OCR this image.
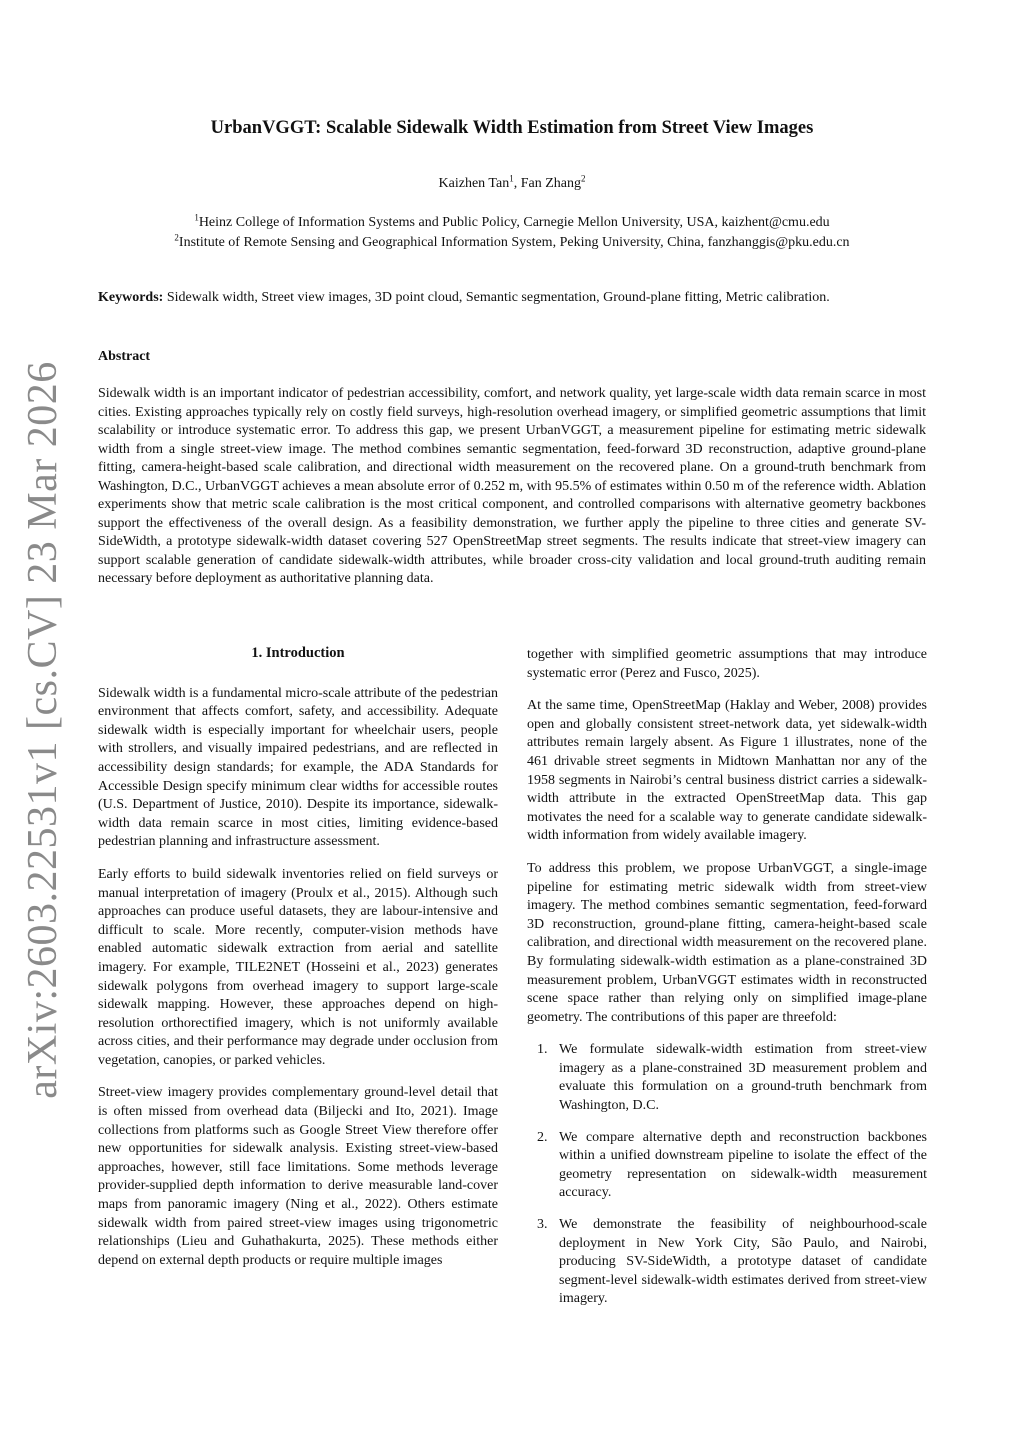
arXiv:2603.22531v1 [cs.CV] 23 Mar 2026
UrbanVGGT: Scalable Sidewalk Width Estimation from Street View Images
Kaizhen Tan$^1$, Fan Zhang$^2$
$^1$Heinz College of Information Systems and Public Policy, Carnegie Mellon University, USA, kaizhent@cmu.edu
$^2$Institute of Remote Sensing and Geographical Information System, Peking University, China, fanzhanggis@pku.edu.cn
Keywords: Sidewalk width, Street view images, 3D point cloud, Semantic segmentation, Ground-plane fitting, Metric calibration.
Abstract

Sidewalk width is an important indicator of pedestrian accessibility, comfort, and network quality, yet large-scale width data remain scarce in most cities. Existing approaches typically rely on costly field surveys, high-resolution overhead imagery, or simplified geometric assumptions that limit scalability or introduce systematic error. To address this gap, we present UrbanVGGT, a measurement pipeline for estimating metric sidewalk width from a single street-view image. The method combines semantic segmentation, feed-forward 3D reconstruction, adaptive ground-plane fitting, camera-height-based scale calibration, and directional width measurement on the recovered plane. On a ground-truth benchmark from Washington, D.C., UrbanVGGT achieves a mean absolute error of 0.252 m, with 95.5% of estimates within 0.50 m of the reference width. Ablation experiments show that metric scale calibration is the most critical component, and controlled comparisons with alternative geometry backbones support the effectiveness of the overall design. As a feasibility demonstration, we further apply the pipeline to three cities and generate SV-SideWidth, a prototype sidewalk-width dataset covering 527 OpenStreetMap street segments. The results indicate that street-view imagery can support scalable generation of candidate sidewalk-width attributes, while broader cross-city validation and local ground-truth auditing remain necessary before deployment as authoritative planning data.

1. Introduction

Sidewalk width is a fundamental micro-scale attribute of the pedestrian environment that affects comfort, safety, and accessibility. Adequate sidewalk width is especially important for wheelchair users, people with strollers, and visually impaired pedestrians, and are reflected in accessibility design standards; for example, the ADA Standards for Accessible Design specify minimum clear widths for accessible routes (U.S. Department of Justice, 2010). Despite its importance, sidewalk-width data remain scarce in most cities, limiting evidence-based pedestrian planning and infrastructure assessment.

Early efforts to build sidewalk inventories relied on field surveys or manual interpretation of imagery (Proulx et al., 2015). Although such approaches can produce useful datasets, they are labour-intensive and difficult to scale. More recently, computer-vision methods have enabled automatic sidewalk extraction from aerial and satellite imagery. For example, TILE2NET (Hosseini et al., 2023) generates sidewalk polygons from overhead imagery to support large-scale sidewalk mapping. However, these approaches depend on high-resolution orthorectified imagery, which is not uniformly available across cities, and their performance may degrade under occlusion from vegetation, canopies, or parked vehicles.

Street-view imagery provides complementary ground-level detail that is often missed from overhead data (Biljecki and Ito, 2021). Image collections from platforms such as Google Street View therefore offer new opportunities for sidewalk analysis. Existing street-view-based approaches, however, still face limitations. Some methods leverage provider-supplied depth information to derive measurable land-cover maps from panoramic imagery (Ning et al., 2022). Others estimate sidewalk width from paired street-view images using trigonometric relationships (Lieu and Guhathakurta, 2025). These methods either depend on external depth products or require multiple images

together with simplified geometric assumptions that may introduce systematic error (Perez and Fusco, 2025).

At the same time, OpenStreetMap (Haklay and Weber, 2008) provides open and globally consistent street-network data, yet sidewalk-width attributes remain largely absent. As Figure 1 illustrates, none of the 461 drivable street segments in Midtown Manhattan nor any of the 1958 segments in Nairobi’s central business district carries a sidewalk-width attribute in the extracted OpenStreetMap data. This gap motivates the need for a scalable way to generate candidate sidewalk-width information from widely available imagery.

To address this problem, we propose UrbanVGGT, a single-image pipeline for estimating metric sidewalk width from street-view imagery. The method combines semantic segmentation, feed-forward 3D reconstruction, ground-plane fitting, camera-height-based scale calibration, and directional width measurement on the recovered plane. By formulating sidewalk-width estimation as a plane-constrained 3D measurement problem, UrbanVGGT estimates width in reconstructed scene space rather than relying only on simplified image-plane geometry. The contributions of this paper are threefold:

1. We formulate sidewalk-width estimation from street-view imagery as a plane-constrained 3D measurement problem and evaluate this formulation on a ground-truth benchmark from Washington, D.C.
2. We compare alternative depth and reconstruction backbones within a unified downstream pipeline to isolate the effect of the geometry representation on sidewalk-width measurement accuracy.
3. We demonstrate the feasibility of neighbourhood-scale deployment in New York City, São Paulo, and Nairobi, producing SV-SideWidth, a prototype dataset of candidate segment-level sidewalk-width estimates derived from street-view imagery.
